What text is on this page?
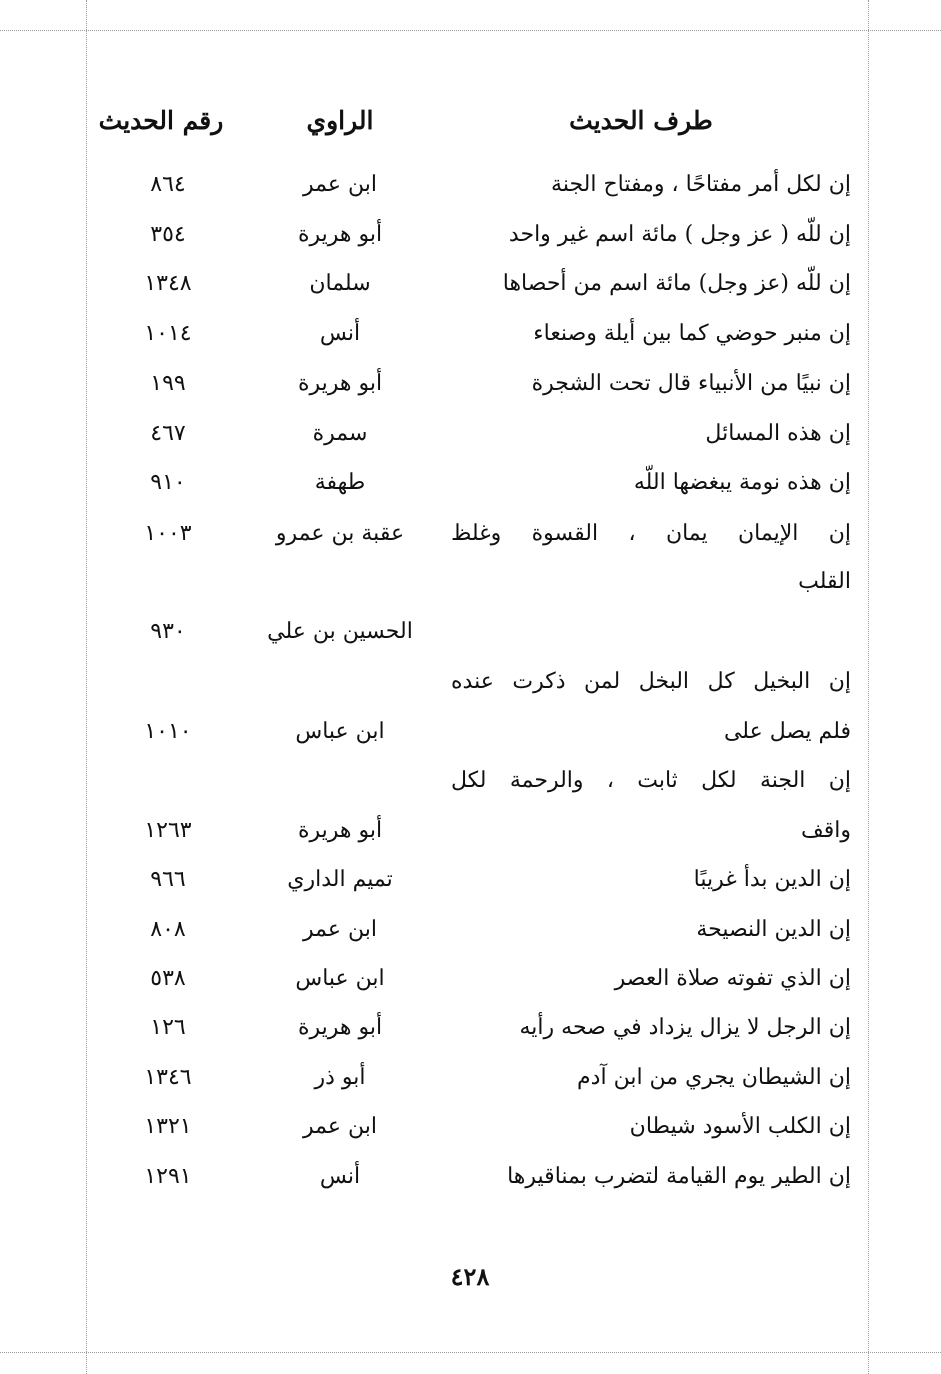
طرف الحديث
الراوي
رقم الحديث
إن لكل أمر مفتاحًا ، ومفتاح الجنة
ابن عمر
٨٦٤
إن للّه ( عز وجل ) مائة اسم غير واحد
أبو هريرة
٣٥٤
إن للّه (عز وجل) مائة اسم من أحصاها
سلمان
١٣٤٨
إن منبر حوضي كما بين أيلة وصنعاء
أنس
١٠١٤
إن نبيًا من الأنبياء قال تحت الشجرة
أبو هريرة
١٩٩
إن هذه المسائل
سمرة
٤٦٧
إن هذه نومة يبغضها اللّه
طهفة
٩١٠
إن الإيمان يمان ، القسوة وغلظ
عقبة بن عمرو
١٠٠٣
القلب
الحسين بن علي
٩٣٠
إن البخيل كل البخل لمن ذكرت عنده
فلم يصل على
ابن عباس
١٠١٠
إن الجنة لكل ثابت ، والرحمة لكل
واقف
أبو هريرة
١٢٦٣
إن الدين بدأ غريبًا
تميم الداري
٩٦٦
إن الدين النصيحة
ابن عمر
٨٠٨
إن الذي تفوته صلاة العصر
ابن عباس
٥٣٨
إن الرجل لا يزال يزداد في صحه رأيه
أبو هريرة
١٢٦
إن الشيطان يجري من ابن آدم
أبو ذر
١٣٤٦
إن الكلب الأسود شيطان
ابن عمر
١٣٢١
إن الطير يوم القيامة لتضرب بمناقيرها
أنس
١٢٩١
٤٢٨
